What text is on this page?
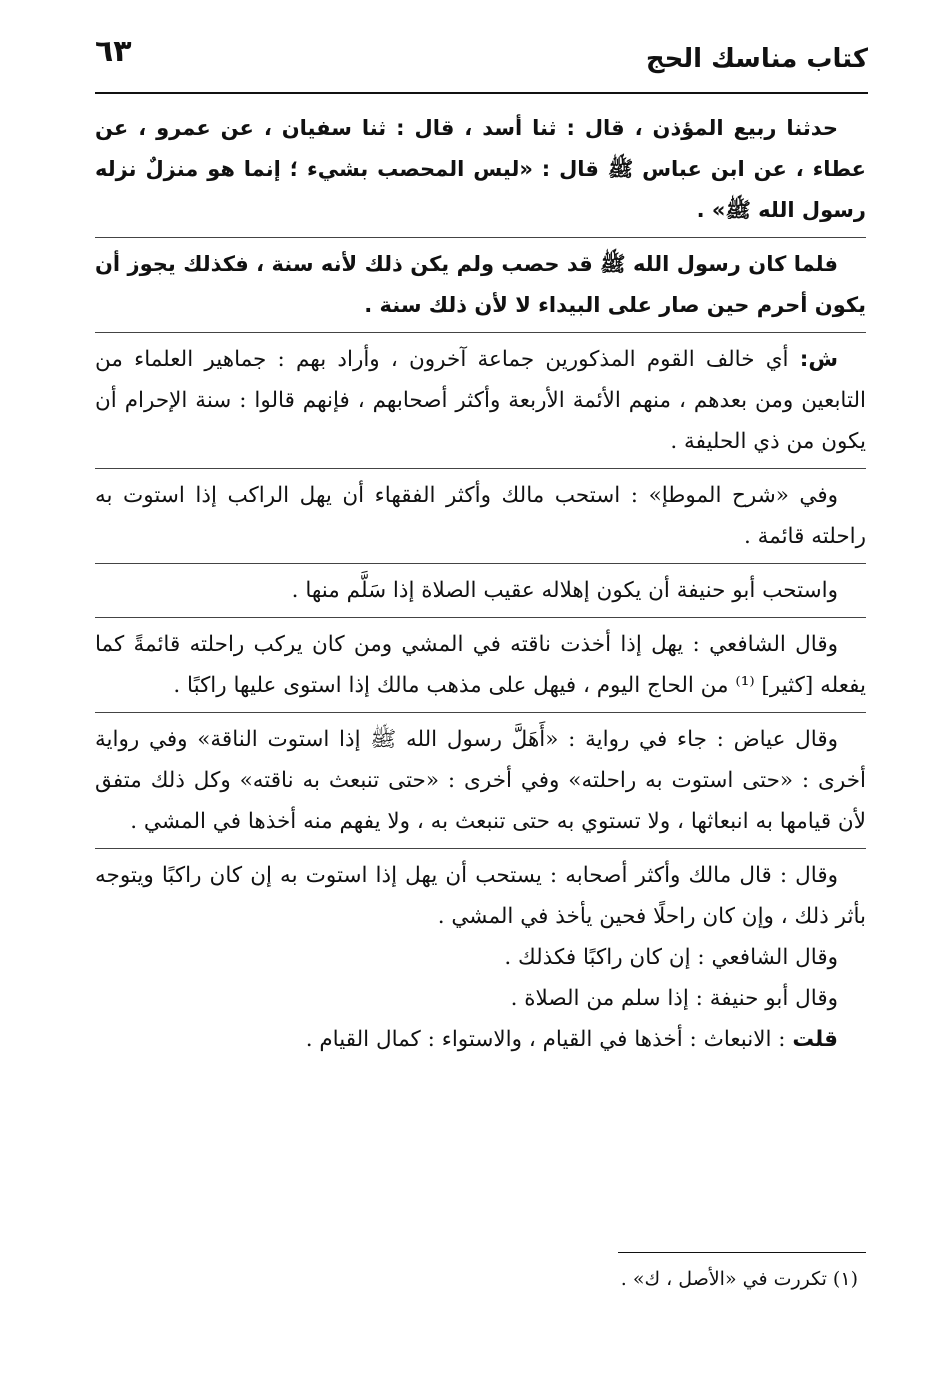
كتاب مناسك الحج
٦٣

حدثنا ربيع المؤذن ، قال : ثنا أسد ، قال : ثنا سفيان ، عن عمرو ، عن عطاء ، عن ابن عباس ﷺ قال : «ليس المحصب بشيء ؛ إنما هو منزلٌ نزله رسول الله ﷺ» .

فلما كان رسول الله ﷺ قد حصب ولم يكن ذلك لأنه سنة ، فكذلك يجوز أن يكون أحرم حين صار على البيداء لا لأن ذلك سنة .

ش: أي خالف القوم المذكورين جماعة آخرون ، وأراد بهم : جماهير العلماء من التابعين ومن بعدهم ، منهم الأئمة الأربعة وأكثر أصحابهم ، فإنهم قالوا : سنة الإحرام أن يكون من ذي الحليفة .

وفي «شرح الموطإ» : استحب مالك وأكثر الفقهاء أن يهل الراكب إذا استوت به راحلته قائمة .

واستحب أبو حنيفة أن يكون إهلاله عقيب الصلاة إذا سَلَّم منها .

وقال الشافعي : يهل إذا أخذت ناقته في المشي ومن كان يركب راحلته قائمةً كما يفعله [كثير] ⁽¹⁾ من الحاج اليوم ، فيهل على مذهب مالك إذا استوى عليها راكبًا .

وقال عياض : جاء في رواية : «أَهَلَّ رسول الله ﷺ إذا استوت الناقة» وفي رواية أخرى : «حتى استوت به راحلته» وفي أخرى : «حتى تنبعث به ناقته» وكل ذلك متفق لأن قيامها به انبعاثها ، ولا تستوي به حتى تنبعث به ، ولا يفهم منه أخذها في المشي .

وقال : قال مالك وأكثر أصحابه : يستحب أن يهل إذا استوت به إن كان راكبًا ويتوجه بأثر ذلك ، وإن كان راحلًا فحين يأخذ في المشي .

وقال الشافعي : إن كان راكبًا فكذلك .

وقال أبو حنيفة : إذا سلم من الصلاة .

قلت : الانبعاث : أخذها في القيام ، والاستواء : كمال القيام .

(١) تكررت في «الأصل ، ك» .
